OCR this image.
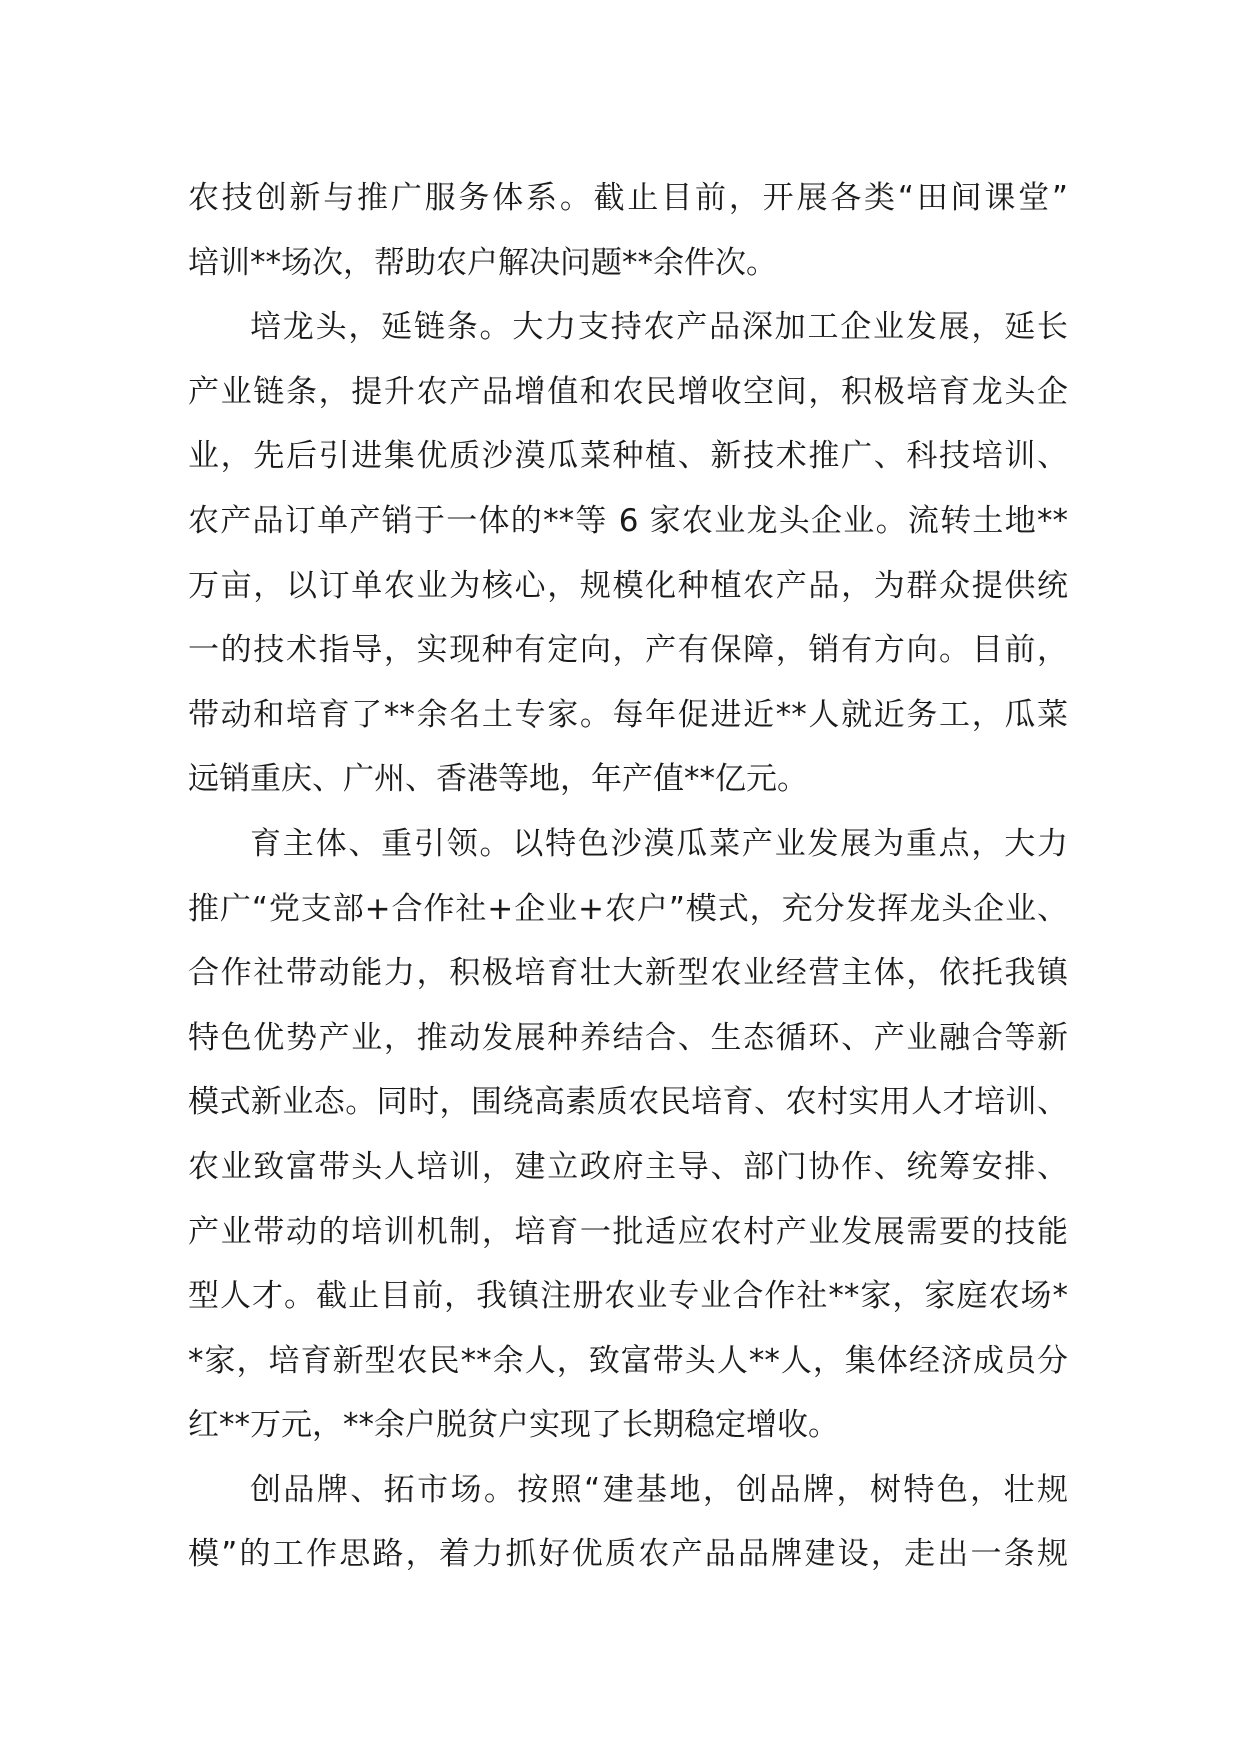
农技创新与推广服务体系。截止目前，开展各类“田间课堂”
培训**场次，帮助农户解决问题**余件次。
培龙头，延链条。大力支持农产品深加工企业发展，延长
产业链条，提升农产品增值和农民增收空间，积极培育龙头企
业，先后引进集优质沙漠瓜菜种植、新技术推广、科技培训、
农产品订单产销于一体的**等 6 家农业龙头企业。流转土地**
万亩，以订单农业为核心，规模化种植农产品，为群众提供统
一的技术指导，实现种有定向，产有保障，销有方向。目前，
带动和培育了**余名土专家。每年促进近**人就近务工，瓜菜
远销重庆、广州、香港等地，年产值**亿元。
育主体、重引领。以特色沙漠瓜菜产业发展为重点，大力
推广“党支部+合作社+企业+农户”模式，充分发挥龙头企业、
合作社带动能力，积极培育壮大新型农业经营主体，依托我镇
特色优势产业，推动发展种养结合、生态循环、产业融合等新
模式新业态。同时，围绕高素质农民培育、农村实用人才培训、
农业致富带头人培训，建立政府主导、部门协作、统筹安排、
产业带动的培训机制，培育一批适应农村产业发展需要的技能
型人才。截止目前，我镇注册农业专业合作社**家，家庭农场*
*家，培育新型农民**余人，致富带头人**人，集体经济成员分
红**万元，**余户脱贫户实现了长期稳定增收。
创品牌、拓市场。按照“建基地，创品牌，树特色，壮规
模”的工作思路，着力抓好优质农产品品牌建设，走出一条规
